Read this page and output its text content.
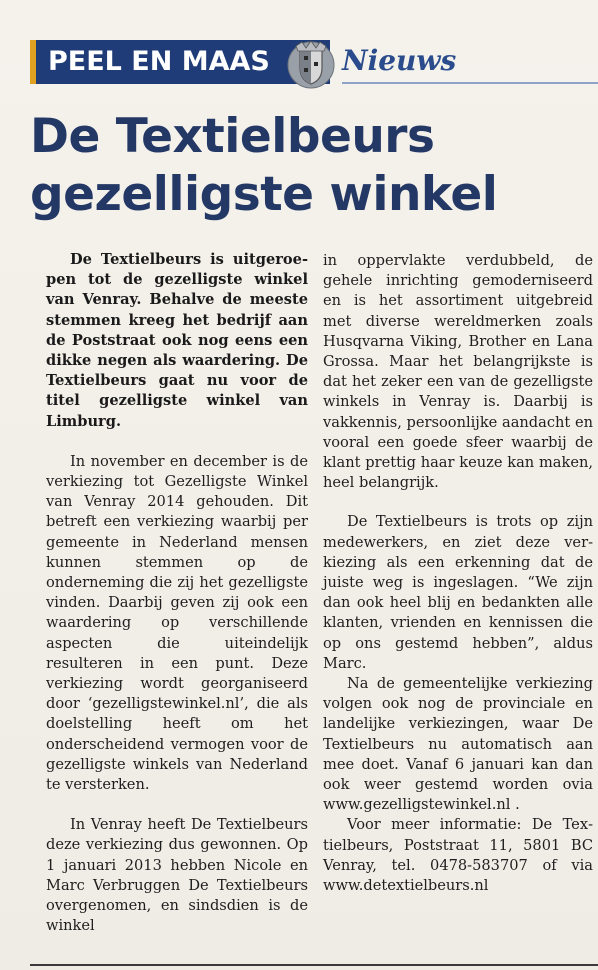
PEEL EN MAAS	Nieuws
De Textielbeurs
gezelligste winkel

De Textielbeurs is uitgeroepen tot de gezelligste winkel van Venray. Behalve de meeste stemmen kreeg het bedrijf aan de Poststraat ook nog eens een dikke negen als waardering. De Textielbeurs gaat nu voor de titel gezelligste winkel van Limburg.

In november en december is de verkiezing tot Gezelligste Winkel van Venray 2014 gehouden. Dit betreft een verkiezing waarbij per gemeente in Nederland mensen kunnen stemmen op de onderneming die zij het gezelligste vinden. Daarbij geven zij ook een waardering op verschillende aspecten die uiteindelijk resulteren in een punt. Deze verkiezing wordt georganiseerd door ‘gezelligstewinkel.nl’, die als doelstelling heeft om het onderscheidend vermogen voor de gezelligste winkels van Nederland te versterken.

In Venray heeft De Textielbeurs deze verkiezing dus gewonnen. Op 1 januari 2013 hebben Nicole en Marc Verbruggen De Textielbeurs overgenomen, en sindsdien is de winkel

in oppervlakte verdubbeld, de gehele inrichting gemoderniseerd en is het assortiment uitgebreid met diverse wereldmerken zoals Husqvarna Viking, Brother en Lana Grossa. Maar het belangrijkste is dat het zeker een van de gezelligste winkels in Venray is. Daarbij is vakkennis, persoonlijke aandacht en vooral een goede sfeer waarbij de klant prettig haar keuze kan maken, heel belangrijk.

De Textielbeurs is trots op zijn medewerkers, en ziet deze verkiezing als een erkenning dat de juiste weg is ingeslagen. “We zijn dan ook heel blij en bedankten alle klanten, vrienden en kennissen die op ons gestemd hebben”, aldus Marc.

Na de gemeentelijke verkiezing volgen ook nog de provinciale en landelijke verkiezingen, waar De Textielbeurs nu automatisch aan mee doet. Vanaf 6 januari kan dan ook weer gestemd worden ovia www.​gezelligstewinkel.nl .

Voor meer informatie: De Textielbeurs, Poststraat 11, 5801 BC Venray, tel. 0478-583707 of via www.detextielbeurs.nl
